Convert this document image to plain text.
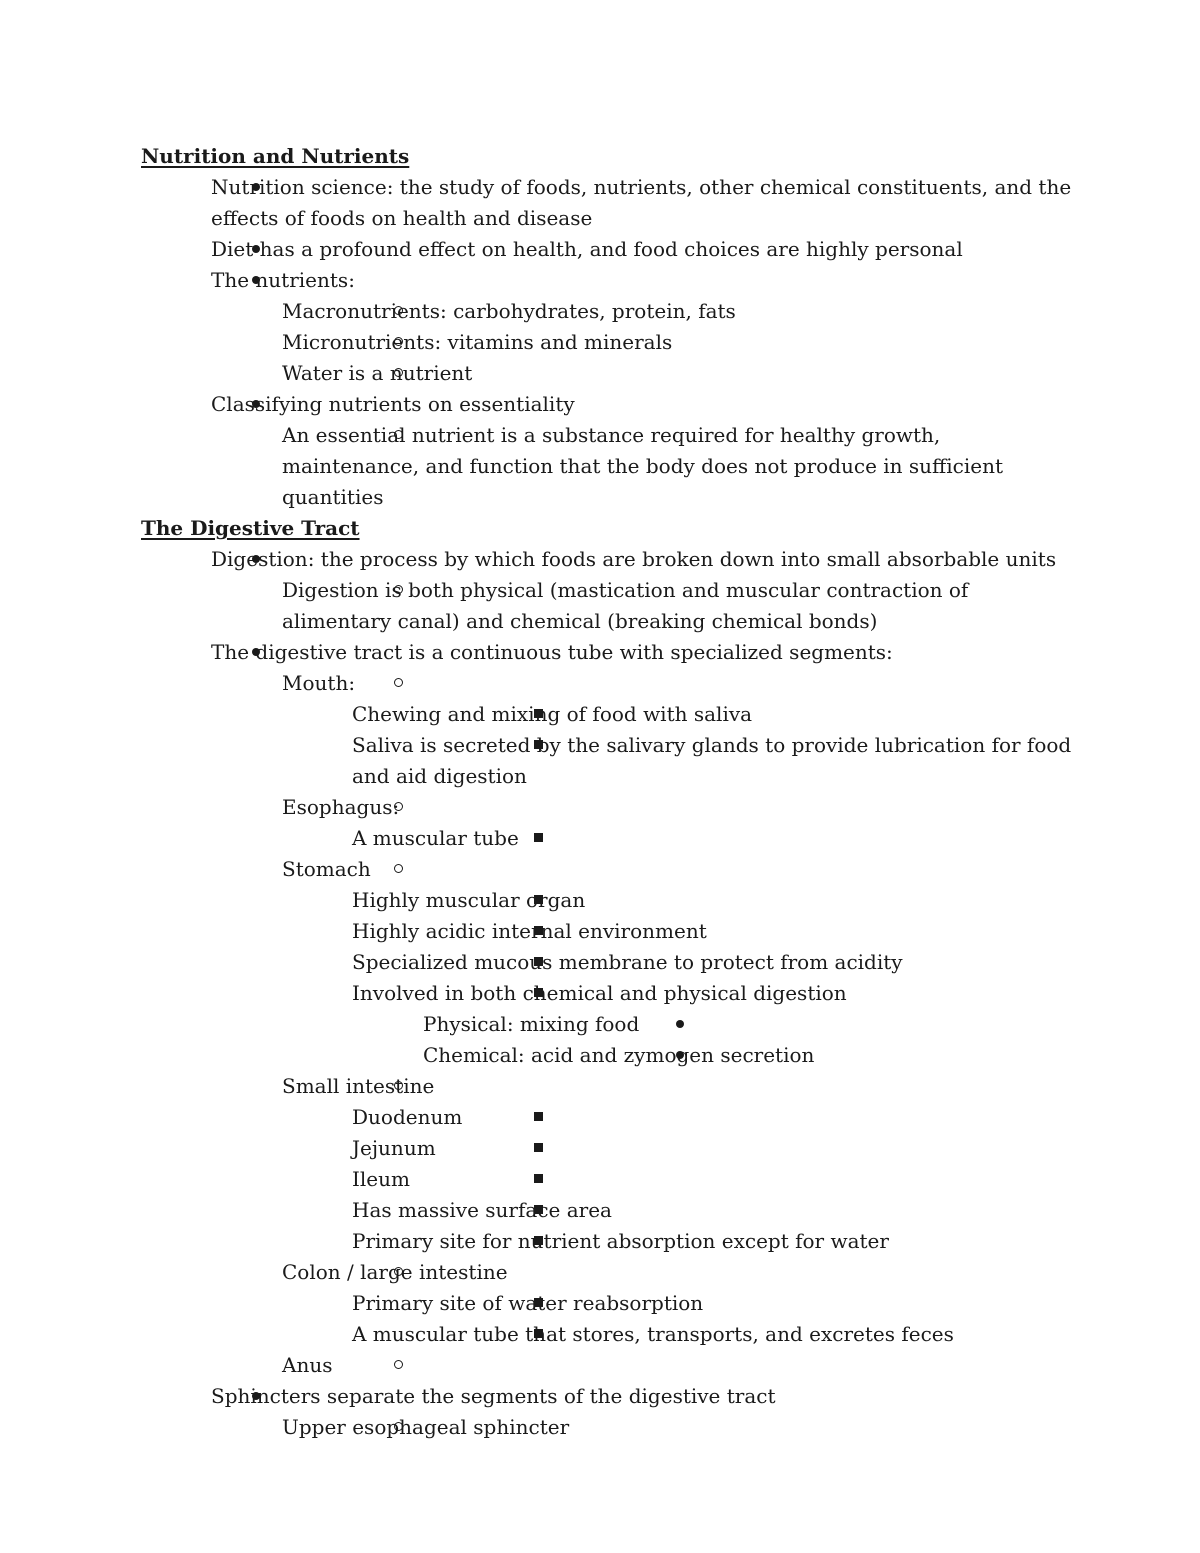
Nutrition and Nutrients
Nutrition science: the study of foods, nutrients, other chemical constituents, and the effects of foods on health and disease
Diet has a profound effect on health, and food choices are highly personal
The nutrients:
Macronutrients: carbohydrates, protein, fats
Micronutrients: vitamins and minerals
Water is a nutrient
Classifying nutrients on essentiality
An essential nutrient is a substance required for healthy growth, maintenance, and function that the body does not produce in sufficient quantities
The Digestive Tract
Digestion: the process by which foods are broken down into small absorbable units
Digestion is both physical (mastication and muscular contraction of alimentary canal) and chemical (breaking chemical bonds)
The digestive tract is a continuous tube with specialized segments:
Mouth:
Chewing and mixing of food with saliva
Saliva is secreted by the salivary glands to provide lubrication for food and aid digestion
Esophagus:
A muscular tube
Stomach
Highly muscular organ
Highly acidic internal environment
Specialized mucous membrane to protect from acidity
Involved in both chemical and physical digestion
Physical: mixing food
Chemical: acid and zymogen secretion
Small intestine
Duodenum
Jejunum
Ileum
Has massive surface area
Primary site for nutrient absorption except for water
Colon / large intestine
Primary site of water reabsorption
A muscular tube that stores, transports, and excretes feces
Anus
Sphincters separate the segments of the digestive tract
Upper esophageal sphincter
